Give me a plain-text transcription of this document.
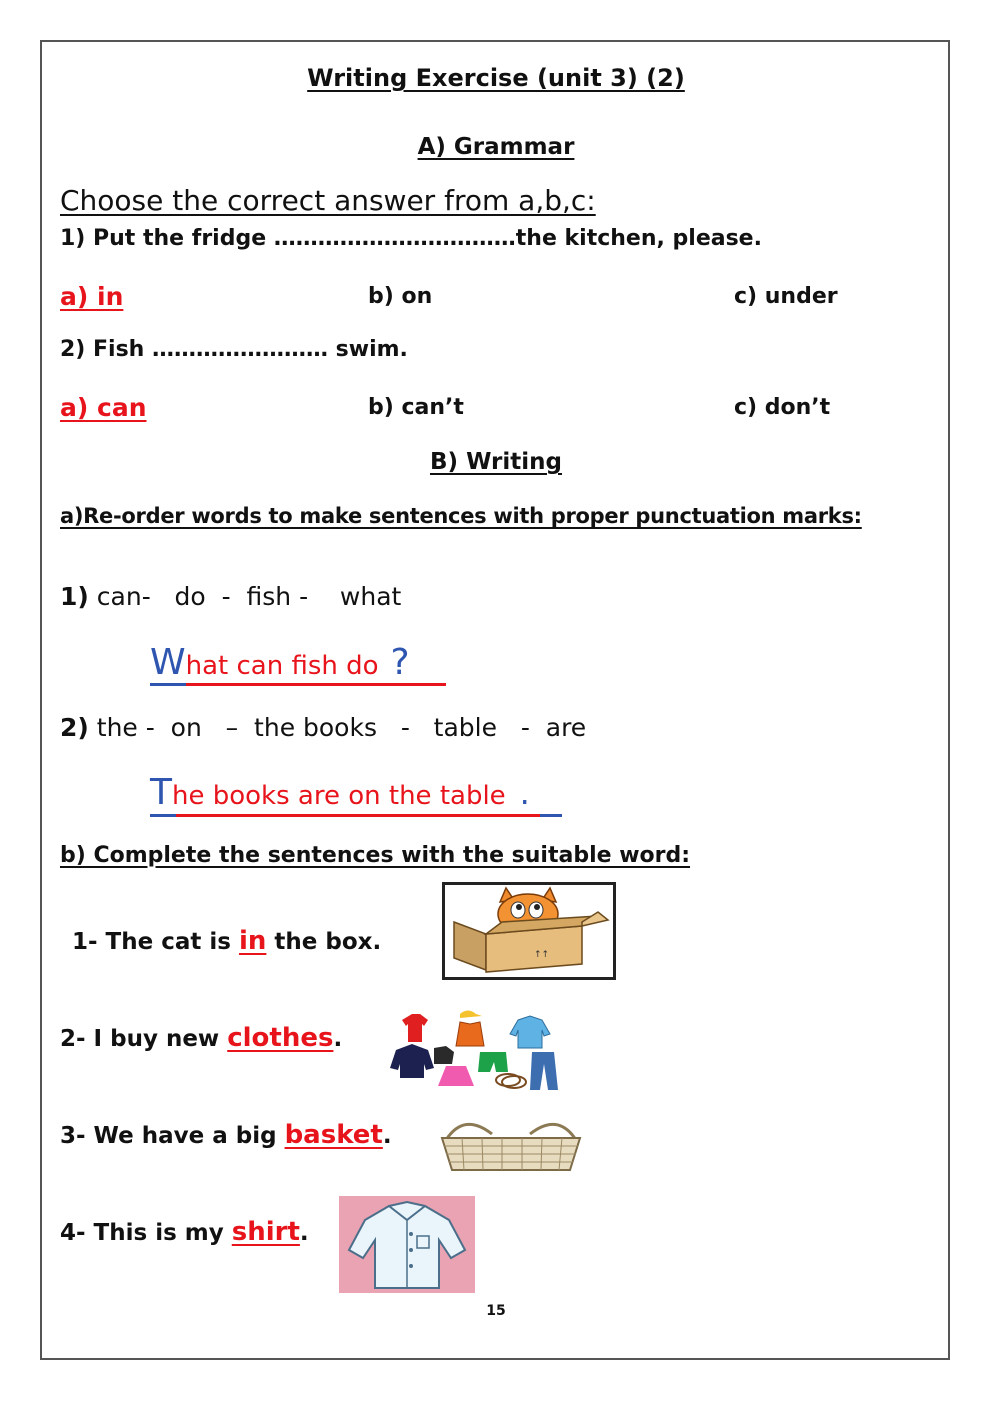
Writing Exercise (unit 3) (2)
A) Grammar
Choose the correct answer from a,b,c:
1) Put the fridge ……………………………the kitchen, please.
a) in	b) on	c) under
2) Fish …………………… swim.
a) can	b) can’t	c) don’t
B) Writing
a)Re-order words to make sentences with proper punctuation marks:
1) can-   do  -  fish -    what
What can fish do ?
2) the -  on   –  the books   -   table   -  are
The books are on the table .
b) Complete the sentences with the suitable word:
1- The cat is in the box.	↑↑
2- I buy new clothes.
3- We have a big basket.
4- This is my shirt.
15
